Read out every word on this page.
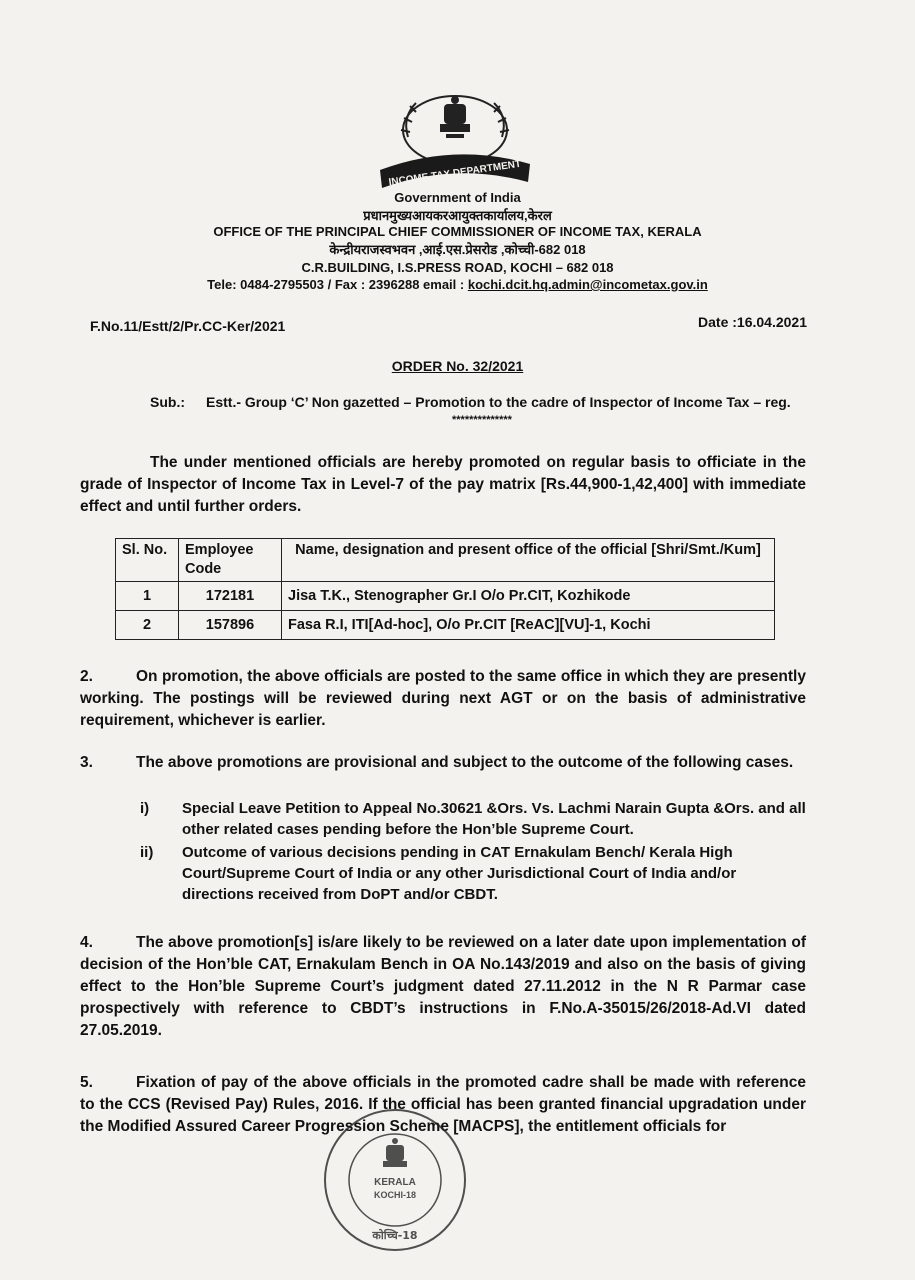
INCOME TAX DEPARTMENT
Government of India
प्रधानमुख्यआयकरआयुक्तकार्यालय,केरल
OFFICE OF THE PRINCIPAL CHIEF COMMISSIONER OF INCOME TAX, KERALA
केन्द्रीयराजस्वभवन ,आई.एस.प्रेसरोड ,कोच्ची-682 018
C.R.BUILDING, I.S.PRESS ROAD, KOCHI – 682 018
Tele: 0484-2795503 / Fax : 2396288 email : kochi.dcit.hq.admin@incometax.gov.in
F.No.11/Estt/2/Pr.CC-Ker/2021	Date :16.04.2021
ORDER No. 32/2021
Sub.: Estt.- Group ‘C’ Non gazetted – Promotion to the cadre of Inspector of Income Tax – reg.
**************
The under mentioned officials are hereby promoted on regular basis to officiate in the grade of Inspector of Income Tax in Level-7 of the pay matrix [Rs.44,900-1,42,400] with immediate effect and until further orders.
Sl. No.	Employee Code	Name, designation and present office of the official [Shri/Smt./Kum]
1	172181	Jisa T.K., Stenographer Gr.I O/o Pr.CIT, Kozhikode
2	157896	Fasa R.I, ITI[Ad-hoc], O/o Pr.CIT [ReAC][VU]-1, Kochi
2.	On promotion, the above officials are posted to the same office in which they are presently working. The postings will be reviewed during next AGT or on the basis of administrative requirement, whichever is earlier.
3.	The above promotions are provisional and subject to the outcome of the following cases.
i)	Special Leave Petition to Appeal No.30621 &Ors. Vs. Lachmi Narain Gupta &Ors. and all other related cases pending before the Hon’ble Supreme Court.
ii)	Outcome of various decisions pending in CAT Ernakulam Bench/ Kerala High Court/Supreme Court of India or any other Jurisdictional Court of India and/or directions received from DoPT and/or CBDT.
4.	The above promotion[s] is/are likely to be reviewed on a later date upon implementation of decision of the Hon’ble CAT, Ernakulam Bench in OA No.143/2019 and also on the basis of giving effect to the Hon’ble Supreme Court’s judgment dated 27.11.2012 in the N R Parmar case prospectively with reference to CBDT’s instructions in F.No.A-35015/26/2018-Ad.VI dated 27.05.2019.
5.	Fixation of pay of the above officials in the promoted cadre shall be made with reference to the CCS (Revised Pay) Rules, 2016. If the official has been granted financial upgradation under the Modified Assured Career Progression Scheme [MACPS], the entitlement officials for
KERALA
KOCHI-18
कोच्चि-18
